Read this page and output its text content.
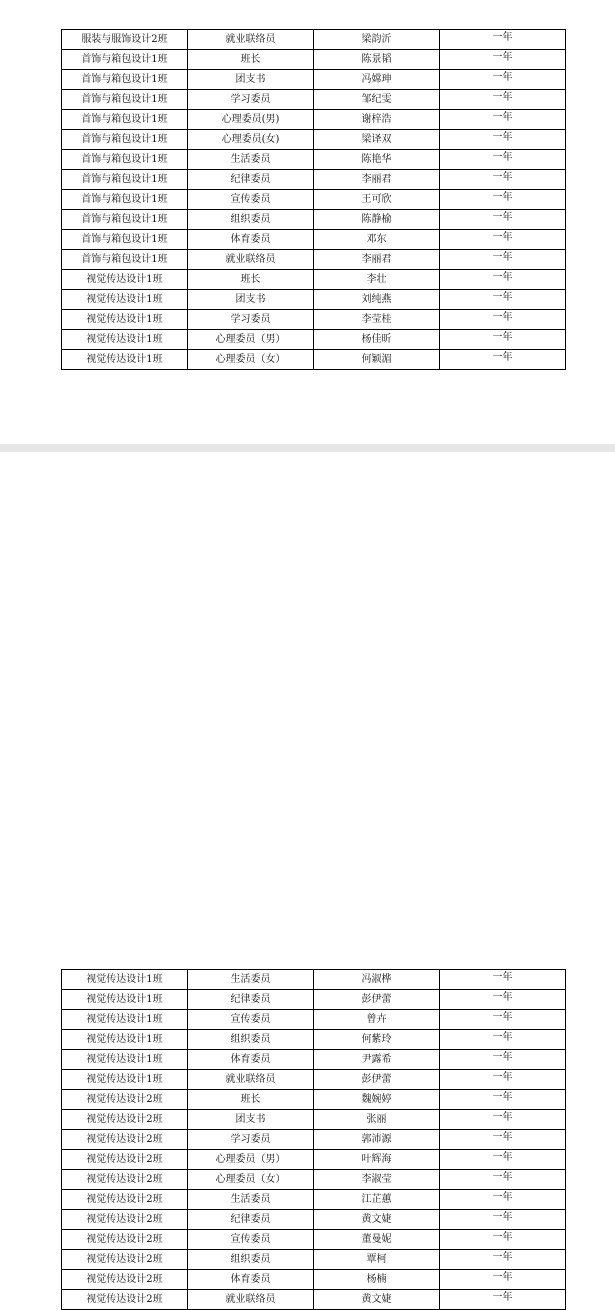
服装与服饰设计2班	就业联络员	梁韵沂	一年
首饰与箱包设计1班	班长	陈景韬	一年
首饰与箱包设计1班	团支书	冯嫦珅	一年
首饰与箱包设计1班	学习委员	邹纪雯	一年
首饰与箱包设计1班	心理委员(男)	谢梓浩	一年
首饰与箱包设计1班	心理委员(女)	梁译双	一年
首饰与箱包设计1班	生活委员	陈艳华	一年
首饰与箱包设计1班	纪律委员	李丽君	一年
首饰与箱包设计1班	宣传委员	王可欣	一年
首饰与箱包设计1班	组织委员	陈静榆	一年
首饰与箱包设计1班	体育委员	邓东	一年
首饰与箱包设计1班	就业联络员	李丽君	一年
视觉传达设计1班	班长	李壮	一年
视觉传达设计1班	团支书	刘纯燕	一年
视觉传达设计1班	学习委员	李莹桂	一年
视觉传达设计1班	心理委员（男）	杨佳昕	一年
视觉传达设计1班	心理委员（女）	何颖湄	一年
视觉传达设计1班	生活委员	冯淑桦	一年
视觉传达设计1班	纪律委员	彭伊蕾	一年
视觉传达设计1班	宣传委员	曾卉	一年
视觉传达设计1班	组织委员	何紫玲	一年
视觉传达设计1班	体育委员	尹露希	一年
视觉传达设计1班	就业联络员	彭伊蕾	一年
视觉传达设计2班	班长	魏婉婷	一年
视觉传达设计2班	团支书	张丽	一年
视觉传达设计2班	学习委员	郭沛源	一年
视觉传达设计2班	心理委员（男）	叶辉海	一年
视觉传达设计2班	心理委员（女）	李淑莹	一年
视觉传达设计2班	生活委员	江芷蕙	一年
视觉传达设计2班	纪律委员	黄文婕	一年
视觉传达设计2班	宣传委员	董曼妮	一年
视觉传达设计2班	组织委员	覃柯	一年
视觉传达设计2班	体育委员	杨楠	一年
视觉传达设计2班	就业联络员	黄文婕	一年
